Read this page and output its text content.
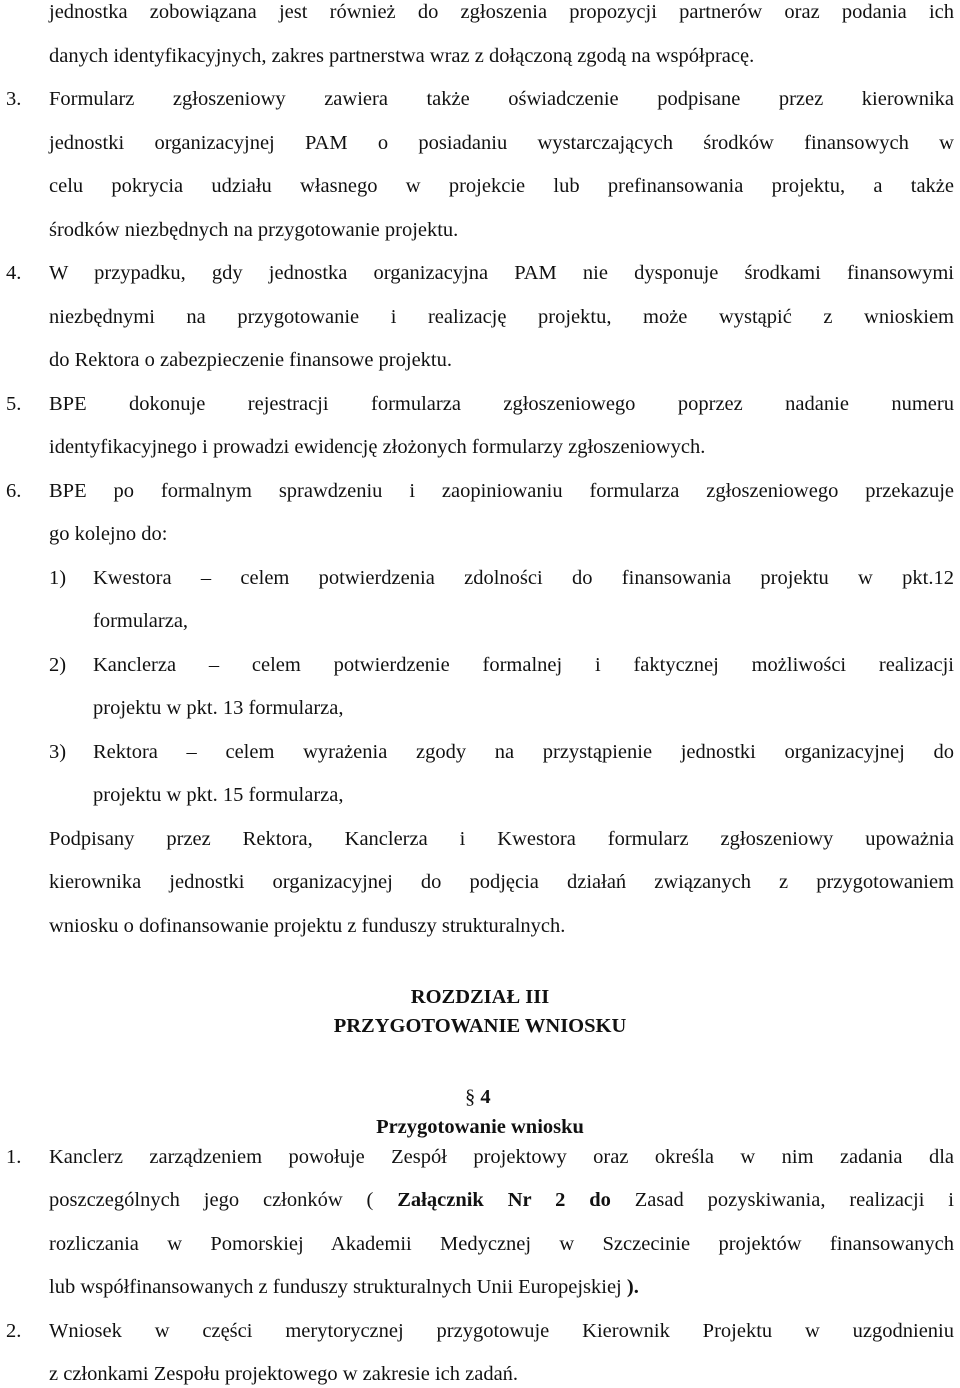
jednostka zobowiązana jest również do zgłoszenia propozycji partnerów oraz podania ich
danych identyfikacyjnych, zakres partnerstwa wraz z dołączoną zgodą na współpracę.
3. Formularz zgłoszeniowy zawiera także oświadczenie podpisane przez kierownika
jednostki organizacyjnej PAM o posiadaniu wystarczających środków finansowych w
celu pokrycia udziału własnego w projekcie lub prefinansowania projektu, a także
środków niezbędnych na przygotowanie projektu.
4. W przypadku, gdy jednostka organizacyjna PAM nie dysponuje środkami finansowymi
niezbędnymi na przygotowanie i realizację projektu, może wystąpić z wnioskiem
do Rektora o zabezpieczenie finansowe projektu.
5. BPE dokonuje rejestracji formularza zgłoszeniowego poprzez nadanie numeru
identyfikacyjnego i prowadzi ewidencję złożonych formularzy zgłoszeniowych.
6. BPE po formalnym sprawdzeniu i zaopiniowaniu formularza zgłoszeniowego przekazuje
go kolejno do:
1) Kwestora – celem potwierdzenia zdolności do finansowania projektu w pkt.12
formularza,
2) Kanclerza – celem potwierdzenie formalnej i faktycznej możliwości realizacji
projektu w pkt. 13 formularza,
3) Rektora – celem wyrażenia zgody na przystąpienie jednostki organizacyjnej do
projektu w pkt. 15 formularza,
Podpisany przez Rektora, Kanclerza i Kwestora formularz zgłoszeniowy upoważnia
kierownika jednostki organizacyjnej do podjęcia działań związanych z przygotowaniem
wniosku o dofinansowanie projektu z funduszy strukturalnych.
ROZDZIAŁ III
PRZYGOTOWANIE WNIOSKU
§ 4
Przygotowanie wniosku
1. Kanclerz zarządzeniem powołuje Zespół projektowy oraz określa w nim zadania dla
poszczególnych jego członków ( Załącznik Nr 2 do Zasad pozyskiwania, realizacji i
rozliczania w Pomorskiej Akademii Medycznej w Szczecinie projektów finansowanych
lub współfinansowanych z funduszy strukturalnych Unii Europejskiej ).
2. Wniosek w części merytorycznej przygotowuje Kierownik Projektu w uzgodnieniu
z członkami Zespołu projektowego w zakresie ich zadań.
